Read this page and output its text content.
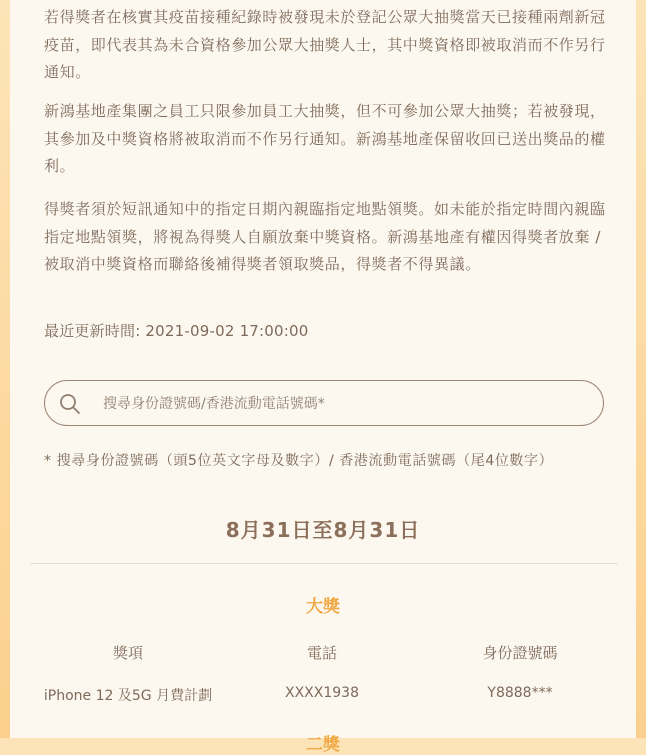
若得獎者在核實其疫苗接種紀錄時被發現未於登記公眾大抽獎當天已接種兩劑新冠疫苗，即代表其為未合資格參加公眾大抽獎人士，其中獎資格即被取消而不作另行通知。

新鴻基地產集團之員工只限參加員工大抽獎，但不可參加公眾大抽獎；若被發現，其參加及中獎資格將被取消而不作另行通知。新鴻基地產保留收回已送出獎品的權利。

得獎者須於短訊通知中的指定日期內親臨指定地點領獎。如未能於指定時間內親臨指定地點領獎，將視為得獎人自願放棄中獎資格。新鴻基地產有權因得獎者放棄 / 被取消中獎資格而聯絡後補得獎者領取獎品，得獎者不得異議。

最近更新時間: 2021-09-02 17:00:00
搜尋身份證號碼/香港流動電話號碼*
* 搜尋身份證號碼（頭5位英文字母及數字）/ 香港流動電話號碼（尾4位數字）
8月31日至8月31日
大獎
獎項	電話	身份證號碼
iPhone 12 及5G 月費計劃	XXXX1938	Y8888***
二獎
